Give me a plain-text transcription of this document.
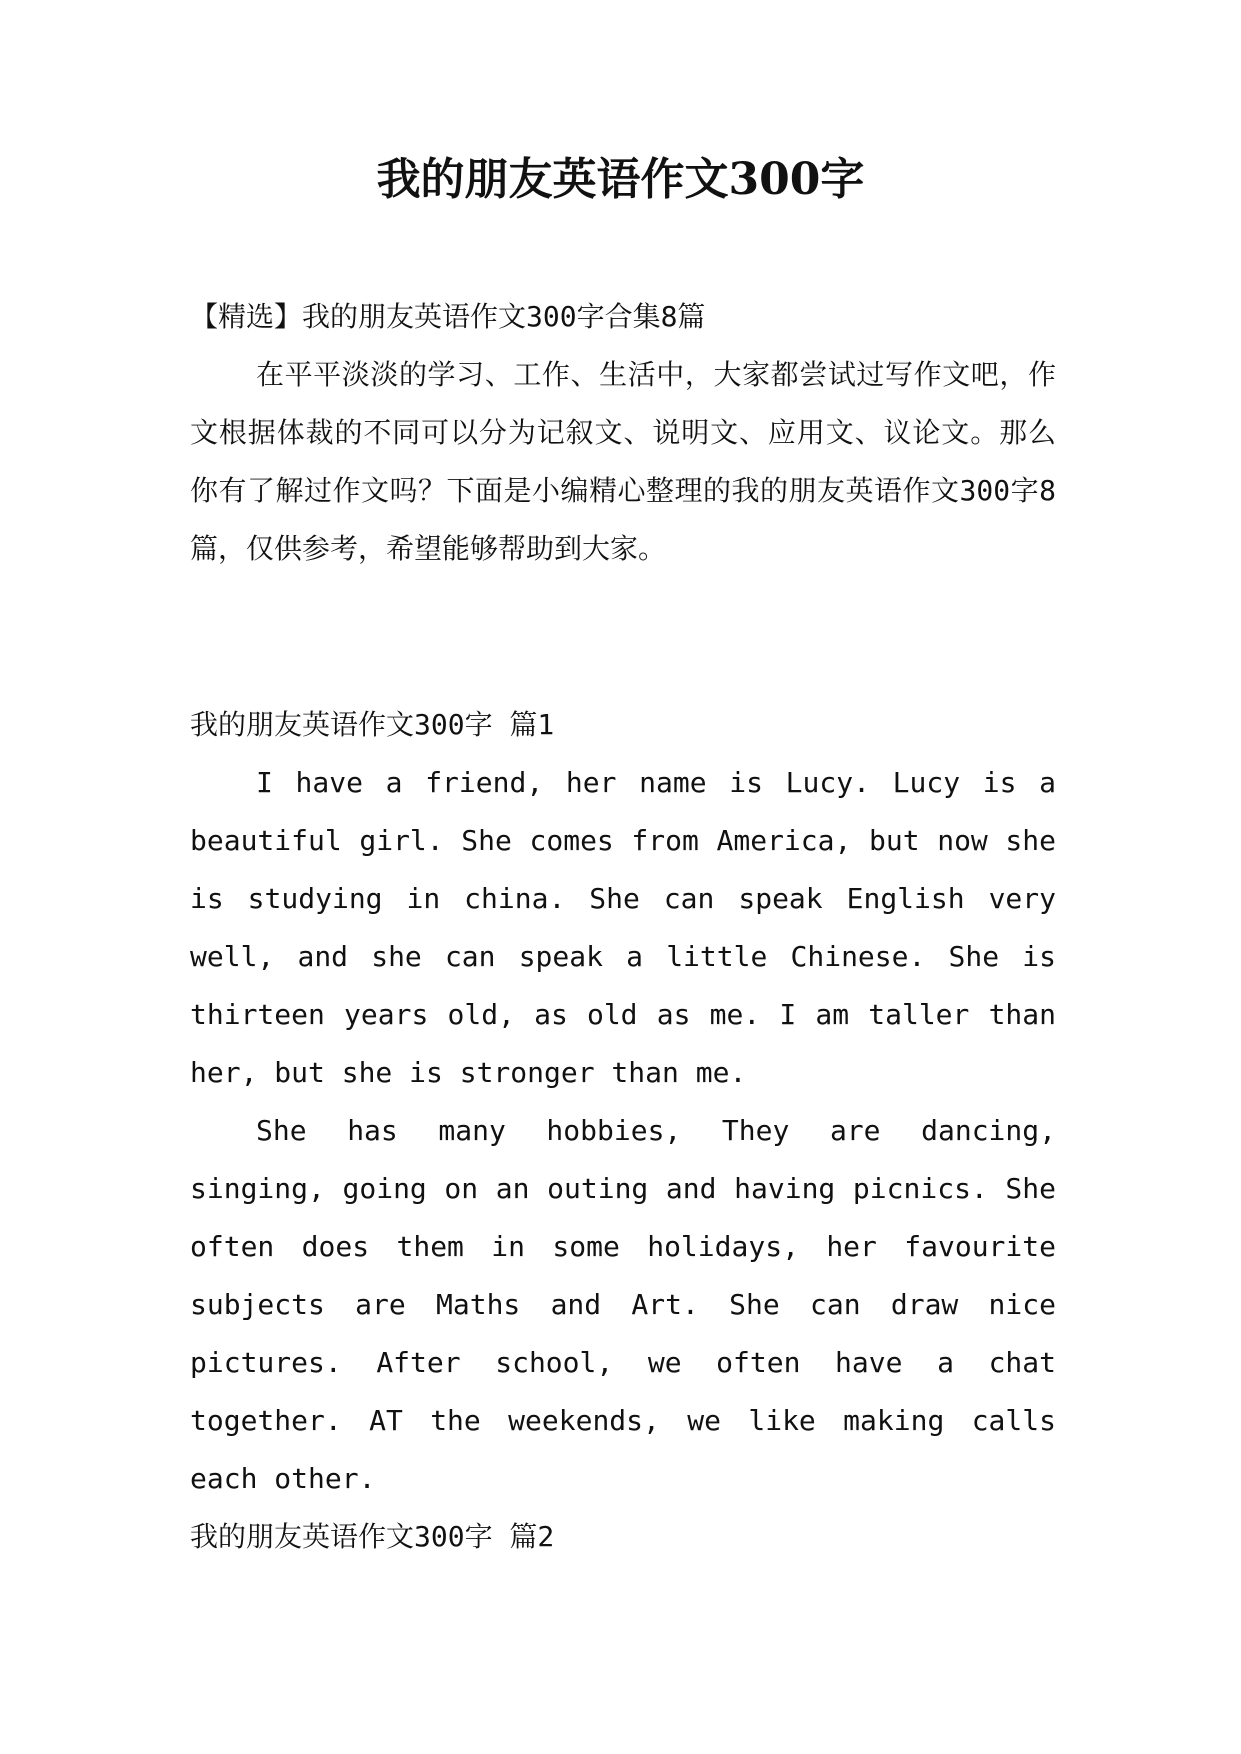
我的朋友英语作文300字

【精选】我的朋友英语作文300字合集8篇

在平平淡淡的学习、工作、生活中，大家都尝试过写作文吧，作文根据体裁的不同可以分为记叙文、说明文、应用文、议论文。那么你有了解过作文吗？下面是小编精心整理的我的朋友英语作文300字8篇，仅供参考，希望能够帮助到大家。

我的朋友英语作文300字 篇1

I have a friend, her name is Lucy. Lucy is a beautiful girl. She comes from America, but now she is studying in china. She can speak English very well, and she can speak a little Chinese. She is thirteen years old, as old as me. I am taller than her, but she is stronger than me.

She has many hobbies, They are dancing, singing, going on an outing and having picnics. She often does them in some holidays, her favourite subjects are Maths and Art. She can draw nice pictures. After school, we often have a chat together. AT the weekends, we like making calls each other.

我的朋友英语作文300字 篇2
